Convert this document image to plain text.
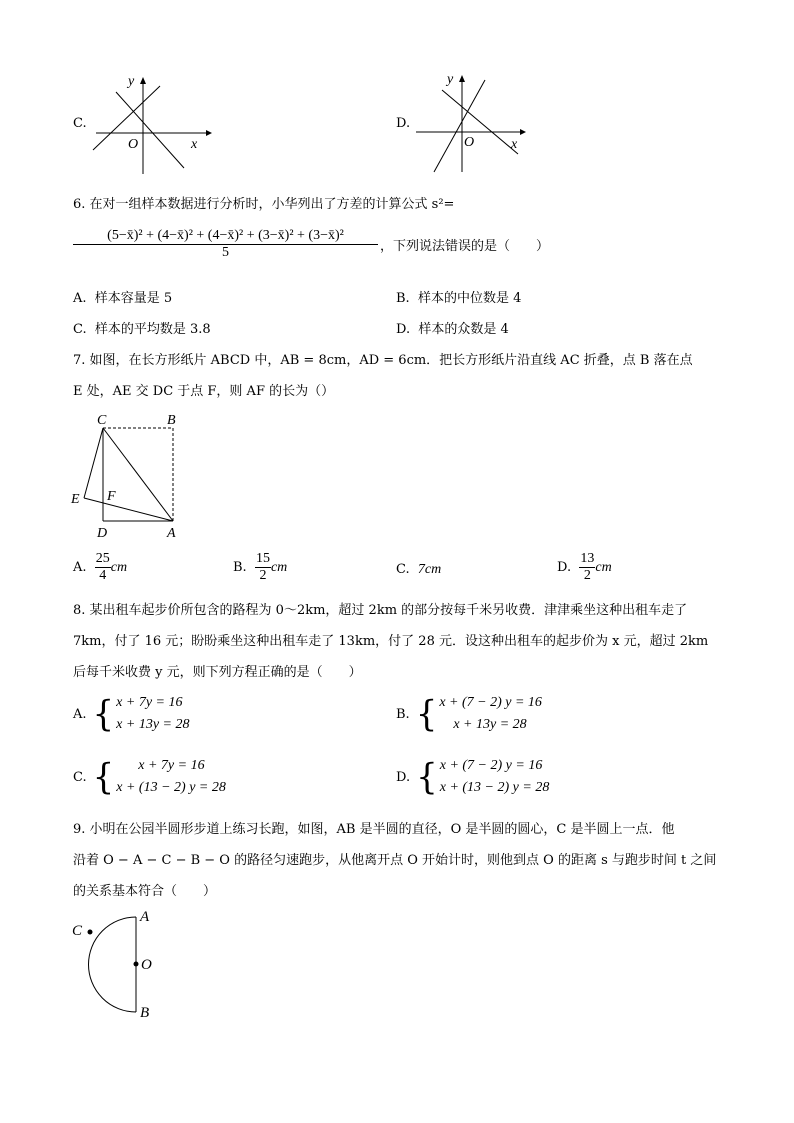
C.
y
x
O
D.
y
x
O
6. 在对一组样本数据进行分析时，小华列出了方差的计算公式 s²=
$\frac{\text{(5−x̄)² + (4−x̄)² + (4−x̄)² + (3−x̄)² + (3−x̄)²}}{5}$ ，下列说法错误的是（　　）
A. 样本容量是 5	B. 样本的中位数是 4
C. 样本的平均数是 3.8	D. 样本的众数是 4
7. 如图，在长方形纸片 ABCD 中，AB = 8cm，AD = 6cm．把长方形纸片沿直线 AC 折叠，点 B 落在点
E 处，AE 交 DC 于点 F，则 AF 的长为（）
C	B
E F
D	A
A.
$\frac{25}{4}$ cm	B.
$\frac{15}{2}$ cm	C. 7cm	D.
$\frac{13}{2}$ cm
8. 某出租车起步价所包含的路程为 0～2km，超过 2km 的部分按每千米另收费．津津乘坐这种出租车走了
7km，付了 16 元；盼盼乘坐这种出租车走了 13km，付了 28 元．设这种出租车的起步价为 x 元，超过 2km
后每千米收费 y 元，则下列方程正确的是（　　）
A. { x + 7y = 16
x + 13y = 28
B. { x + (7 − 2) y = 16
x + 13y = 28
C. {	x + 7y = 16
x + (13 − 2) y = 28
D. { x + (7 − 2) y = 16
x + (13 − 2) y = 28
9. 小明在公园半圆形步道上练习长跑，如图，AB 是半圆的直径，O 是半圆的圆心，C 是半圆上一点．他
沿着 O − A − C − B − O 的路径匀速跑步，从他离开点 O 开始计时，则他到点 O 的距离 s 与跑步时间 t 之间
的关系基本符合（　　）
C
A
O
B
